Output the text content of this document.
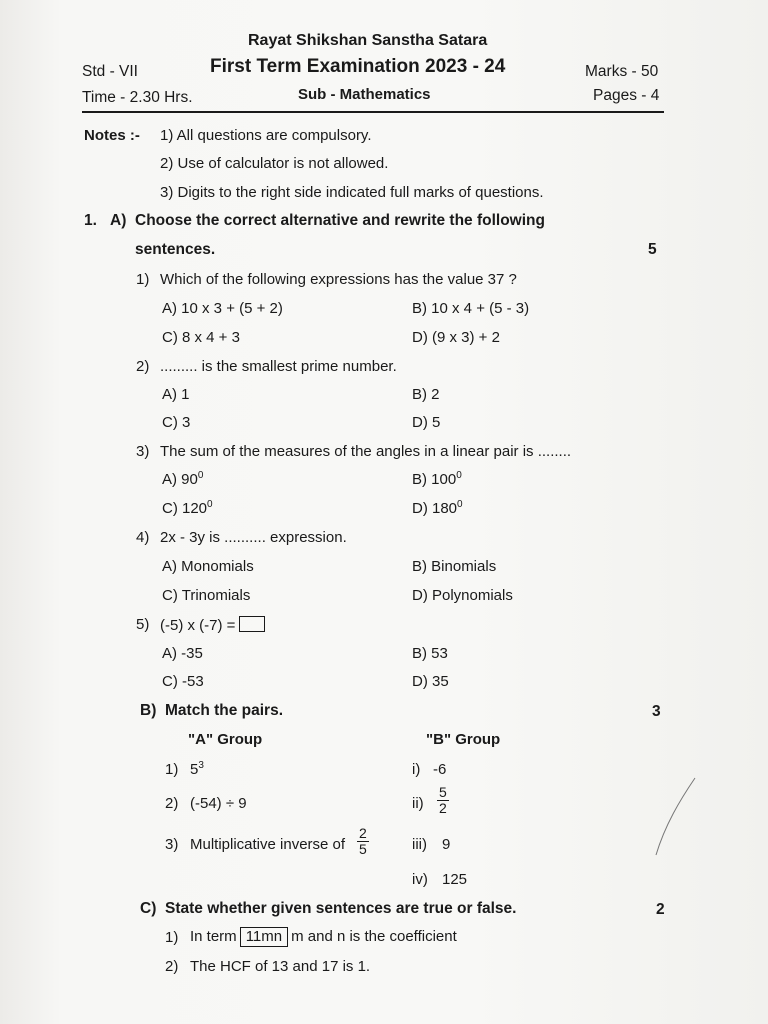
Rayat Shikshan Sanstha Satara
Std - VII	First Term Examination 2023 - 24	Marks - 50
Time - 2.30 Hrs.	Sub - Mathematics	Pages - 4
Notes :- 1) All questions are compulsory.
2) Use of calculator is not allowed.
3) Digits to the right side indicated full marks of questions.
1. A) Choose the correct alternative and rewrite the following
sentences.	5
1) Which of the following expressions has the value 37 ?
A) 10 x 3 + (5 + 2)	B) 10 x 4 + (5 - 3)
C) 8 x 4 + 3	D) (9 x 3) + 2
2) ......... is the smallest prime number.
A) 1	B) 2
C) 3	D) 5
3) The sum of the measures of the angles in a linear pair is ........
A) $90^0$	B) $100^0$
C) $120^0$	D) $180^0$
4) 2x - 3y is .......... expression.
A) Monomials	B) Binomials
C) Trinomials	D) Polynomials
5) (-5) x (-7) =
A) -35	B) 53
C) -53	D) 35
B) Match the pairs.	3
"A" Group	"B" Group
1) $5^3$	i) -6
2) (-54) ÷ 9	$ii) \frac{5}{2}$
3) Multiplicative inverse of $\frac{2}{5}$	iii) 9
iv) 125
C) State whether given sentences are true or false.	2
1) In term 11mn m and n is the coefficient
2) The HCF of 13 and 17 is 1.
